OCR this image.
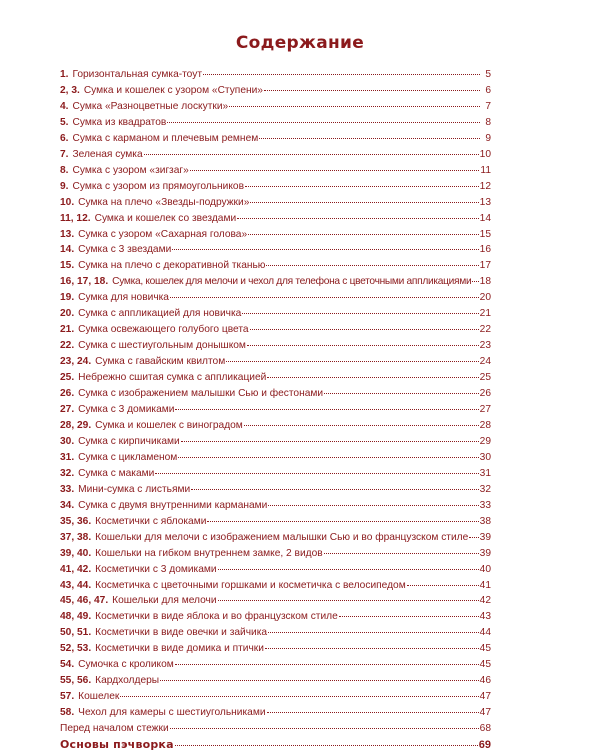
Содержание
1. Горизонтальная сумка-тоут	5
2, 3. Сумка и кошелек с узором «Ступени»	6
4. Сумка «Разноцветные лоскутки»	7
5. Сумка из квадратов	8
6. Сумка с карманом и плечевым ремнем	9
7. Зеленая сумка	10
8. Сумка с узором «зигзаг»	11
9. Сумка с узором из прямоугольников	12
10. Сумка на плечо «Звезды-подружки»	13
11, 12. Сумка и кошелек со звездами	14
13. Сумка с узором «Сахарная голова»	15
14. Сумка с 3 звездами	16
15. Сумка на плечо с декоративной тканью	17
16, 17, 18. Сумка, кошелек для мелочи и чехол для телефона с цветочными аппликациями 18
19. Сумка для новичка	20
20. Сумка с аппликацией для новичка	21
21. Сумка освежающего голубого цвета	22
22. Сумка с шестиугольным донышком	23
23, 24. Сумка с гавайским квилтом	24
25. Небрежно сшитая сумка с аппликацией	25
26. Сумка с изображением малышки Сью и фестонами	26
27. Сумка с 3 домиками	27
28, 29. Сумка и кошелек с виноградом	28
30. Сумка с кирпичиками	29
31. Сумка с цикламеном	30
32. Сумка с маками	31
33. Мини-сумка с листьями	32
34. Сумка с двумя внутренними карманами	33
35, 36. Косметички с яблоками	38
37, 38. Кошельки для мелочи с изображением малышки Сью и во французском стиле 39
39, 40. Кошельки на гибком внутреннем замке, 2 видов	39
41, 42. Косметички с 3 домиками	40
43, 44. Косметичка с цветочными горшками и косметичка с велосипедом	41
45, 46, 47. Кошельки для мелочи	42
48, 49. Косметички в виде яблока и во французском стиле	43
50, 51. Косметички в виде овечки и зайчика	44
52, 53. Косметички в виде домика и птички	45
54. Сумочка с кроликом	45
55, 56. Кардхолдеры	46
57. Кошелек	47
58. Чехол для камеры с шестиугольниками	47
Перед началом стежки	68
Основы пэчворка	69
